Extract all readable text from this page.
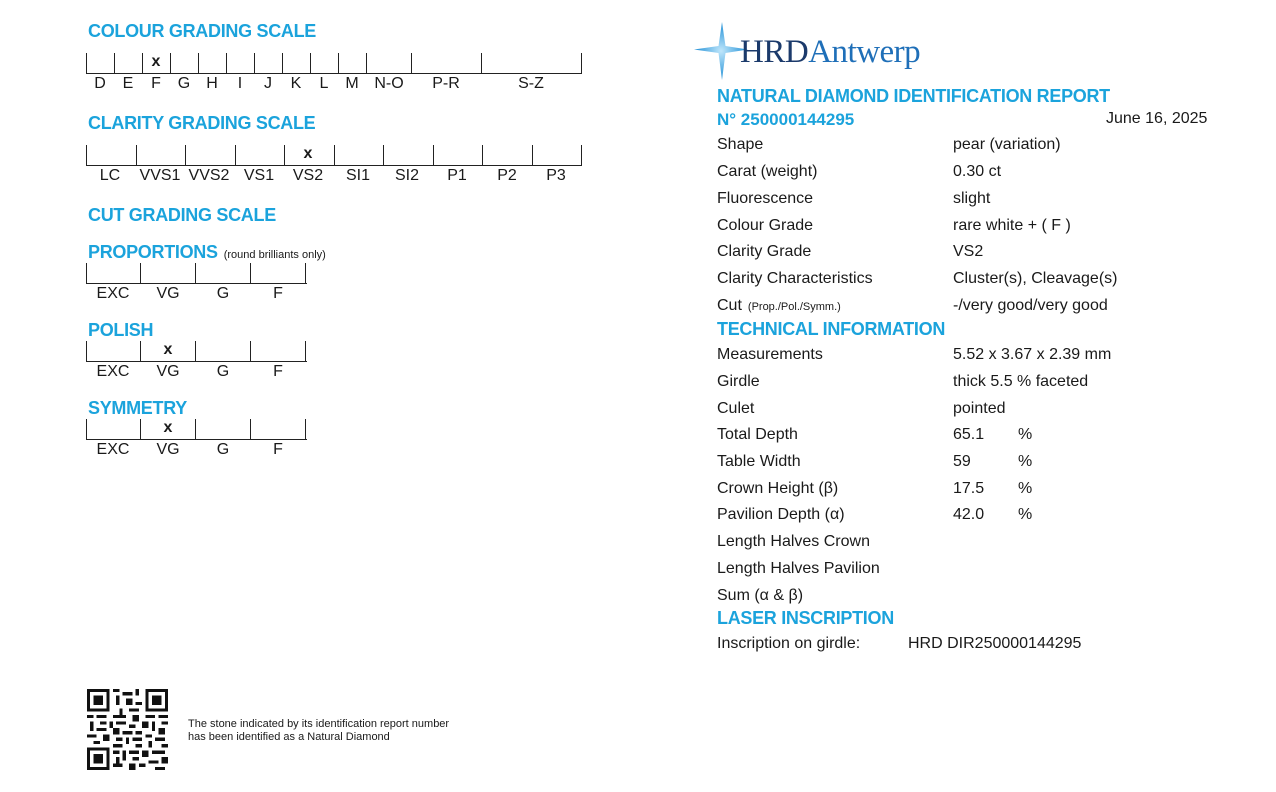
COLOUR GRADING SCALE
x
D E F G H I J K L M N-O P-R	S-Z
CLARITY GRADING SCALE
x
LC VVS1 VVS2 VS1 VS2 SI1 SI2 P1 P2 P3
CUT GRADING SCALE
PROPORTIONS (round brilliants only)
EXC VG G	F
POLISH
x
EXC VG G	F
SYMMETRY
x
EXC VG G	F
HRDAntwerp
NATURAL DIAMOND IDENTIFICATION REPORT
N° 250000144295	June 16, 2025
Shape	pear (variation)
Carat (weight)	0.30 ct
Fluorescence	slight
Colour Grade	rare white + ( F )
Clarity Grade	VS2
Clarity Characteristics	Cluster(s), Cleavage(s)
Cut (Prop./Pol./Symm.)	-/very good/very good
TECHNICAL INFORMATION
Measurements	5.52 x 3.67 x 2.39 mm
Girdle	thick 5.5 % faceted
Culet	pointed
Total Depth	65.1 %
Table Width	59	%
Crown Height (β)	17.5 %
Pavilion Depth (α)	42.0 %
Length Halves Crown
Length Halves Pavilion
Sum (α & β)
LASER INSCRIPTION
Inscription on girdle:	HRD DIR250000144295
The stone indicated by its identification report number has been identified as a Natural Diamond
